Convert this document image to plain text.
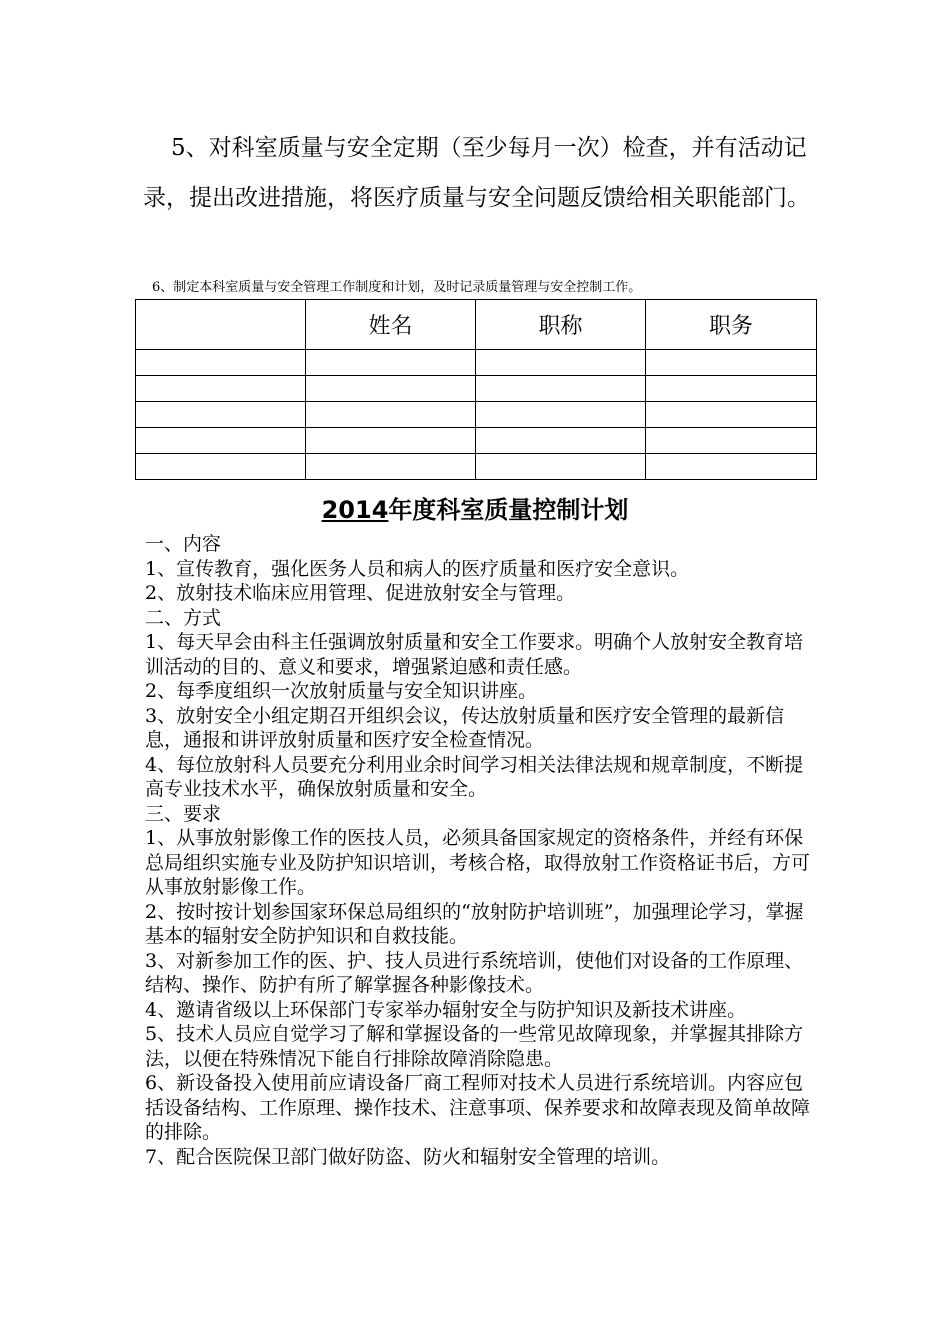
5、对科室质量与安全定期（至少每月一次）检查，并有活动记录，提出改进措施，将医疗质量与安全问题反馈给相关职能部门。

6、制定本科室质量与安全管理工作制度和计划，及时记录质量管理与安全控制工作。

	姓名	职称	职务

2014年度科室质量控制计划

一、内容

1、宣传教育，强化医务人员和病人的医疗质量和医疗安全意识。

2、放射技术临床应用管理、促进放射安全与管理。

二、方式

1、每天早会由科主任强调放射质量和安全工作要求。明确个人放射安全教育培训活动的目的、意义和要求，增强紧迫感和责任感。

2、每季度组织一次放射质量与安全知识讲座。

3、放射安全小组定期召开组织会议，传达放射质量和医疗安全管理的最新信息，通报和讲评放射质量和医疗安全检查情况。

4、每位放射科人员要充分利用业余时间学习相关法律法规和规章制度，不断提高专业技术水平，确保放射质量和安全。

三、要求

1、从事放射影像工作的医技人员，必须具备国家规定的资格条件，并经有环保总局组织实施专业及防护知识培训，考核合格，取得放射工作资格证书后，方可从事放射影像工作。

2、按时按计划参国家环保总局组织的“放射防护培训班”，加强理论学习，掌握基本的辐射安全防护知识和自救技能。

3、对新参加工作的医、护、技人员进行系统培训，使他们对设备的工作原理、结构、操作、防护有所了解掌握各种影像技术。

4、邀请省级以上环保部门专家举办辐射安全与防护知识及新技术讲座。

5、技术人员应自觉学习了解和掌握设备的一些常见故障现象，并掌握其排除方法，以便在特殊情况下能自行排除故障消除隐患。

6、新设备投入使用前应请设备厂商工程师对技术人员进行系统培训。内容应包括设备结构、工作原理、操作技术、注意事项、保养要求和故障表现及简单故障的排除。

7、配合医院保卫部门做好防盗、防火和辐射安全管理的培训。
